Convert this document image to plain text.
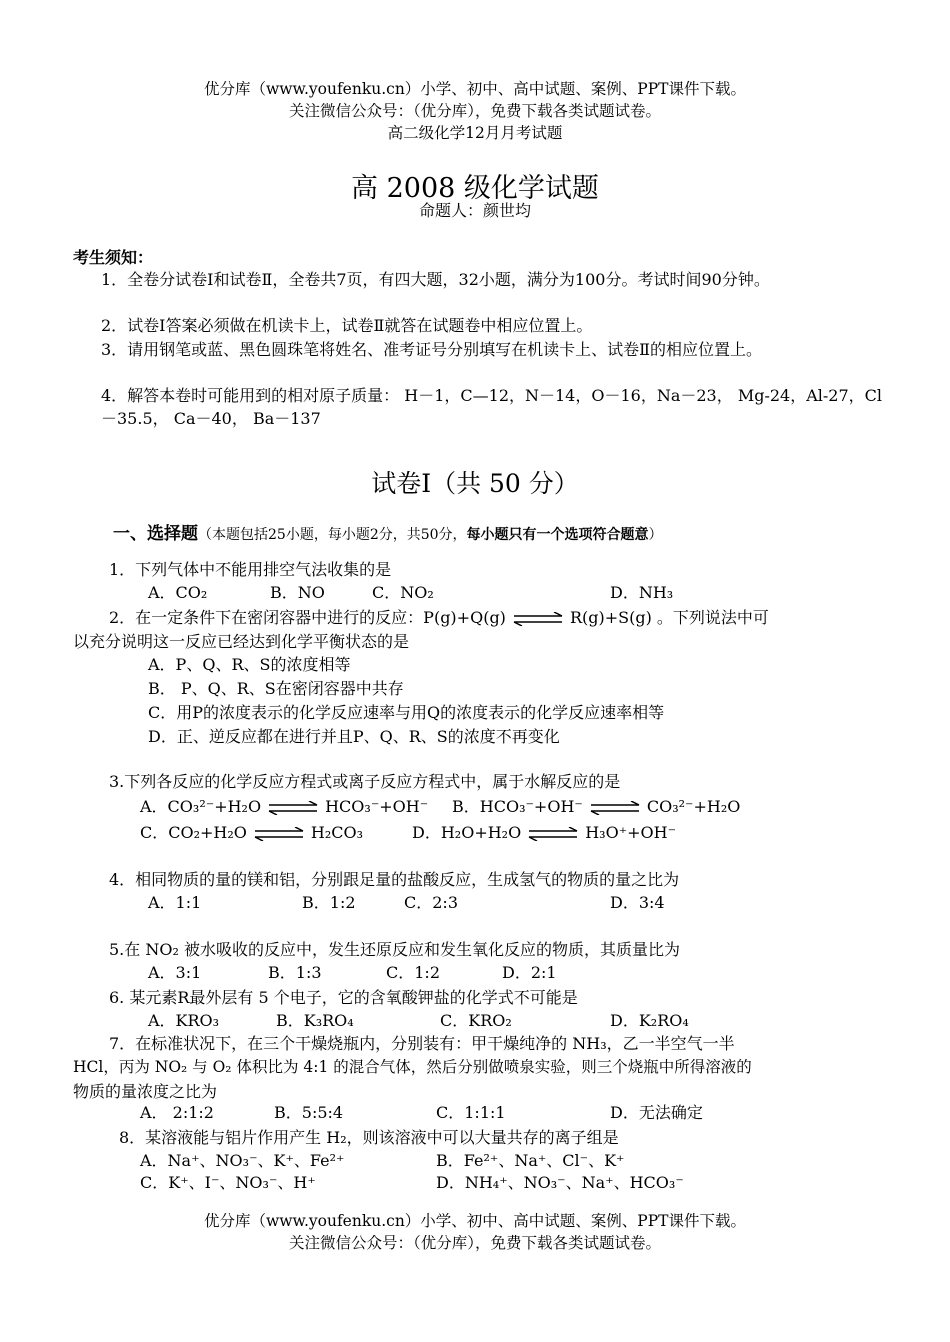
优分库（www.youfenku.cn）小学、初中、高中试题、案例、PPT课件下载。
关注微信公众号：（优分库），免费下载各类试题试卷。
高二级化学12月月考试题
高 2008 级化学试题
命题人：颜世均
考生须知：
1．全卷分试卷Ⅰ和试卷Ⅱ，全卷共7页，有四大题，32小题，满分为100分。考试时间90分钟。
2．试卷Ⅰ答案必须做在机读卡上，试卷Ⅱ就答在试题卷中相应位置上。
3．请用钢笔或蓝、黑色圆珠笔将姓名、准考证号分别填写在机读卡上、试卷Ⅱ的相应位置上。
4．解答本卷时可能用到的相对原子质量： H－1，C—12，N－14，O－16，Na－23， Mg-24，Al-27，Cl－35.5， Ca－40， Ba－137
试卷Ⅰ（共 50 分）
一、选择题（本题包括25小题，每小题2分，共50分，每小题只有一个选项符合题意）
1．下列气体中不能用排空气法收集的是
A．CO₂	B．NO	C．NO₂	D．NH₃
2．在一定条件下在密闭容器中进行的反应：P(g)+Q(g) ⇌ R(g)+S(g) 。下列说法中可
以充分说明这一反应已经达到化学平衡状态的是
A．P、Q、R、S的浓度相等
B． P、Q、R、S在密闭容器中共存
C．用P的浓度表示的化学反应速率与用Q的浓度表示的化学反应速率相等
D．正、逆反应都在进行并且P、Q、R、S的浓度不再变化
3.下列各反应的化学反应方程式或离子反应方程式中，属于水解反应的是
A．CO₃²⁻+H₂O ⇌ HCO₃⁻+OH⁻ B．HCO₃⁻+OH⁻ ⇌ CO₃²⁻+H₂O
C．CO₂+H₂O ⇌ H₂CO₃	D．H₂O+H₂O ⇌ H₃O⁺+OH⁻
4．相同物质的量的镁和铝，分别跟足量的盐酸反应，生成氢气的物质的量之比为
A．1:1	B．1:2	C．2:3	D．3:4
5.在 NO₂ 被水吸收的反应中，发生还原反应和发生氧化反应的物质，其质量比为
A．3:1	B．1:3	C．1:2	D．2:1
6. 某元素R最外层有 5 个电子，它的含氧酸钾盐的化学式不可能是
A．KRO₃	B．K₃RO₄	C．KRO₂	D．K₂RO₄
7．在标准状况下，在三个干燥烧瓶内，分别装有：甲干燥纯净的 NH₃，乙一半空气一半
HCl，丙为 NO₂ 与 O₂ 体积比为 4:1 的混合气体，然后分别做喷泉实验，则三个烧瓶中所得溶液的
物质的量浓度之比为
A． 2:1:2	B．5:5:4	C．1:1:1	D．无法确定
8．某溶液能与铝片作用产生 H₂，则该溶液中可以大量共存的离子组是
A．Na⁺、NO₃⁻、K⁺、Fe²⁺	B．Fe²⁺、Na⁺、Cl⁻、K⁺
C．K⁺、I⁻、NO₃⁻、H⁺	D．NH₄⁺、NO₃⁻、Na⁺、HCO₃⁻
优分库（www.youfenku.cn）小学、初中、高中试题、案例、PPT课件下载。
关注微信公众号：（优分库），免费下载各类试题试卷。
